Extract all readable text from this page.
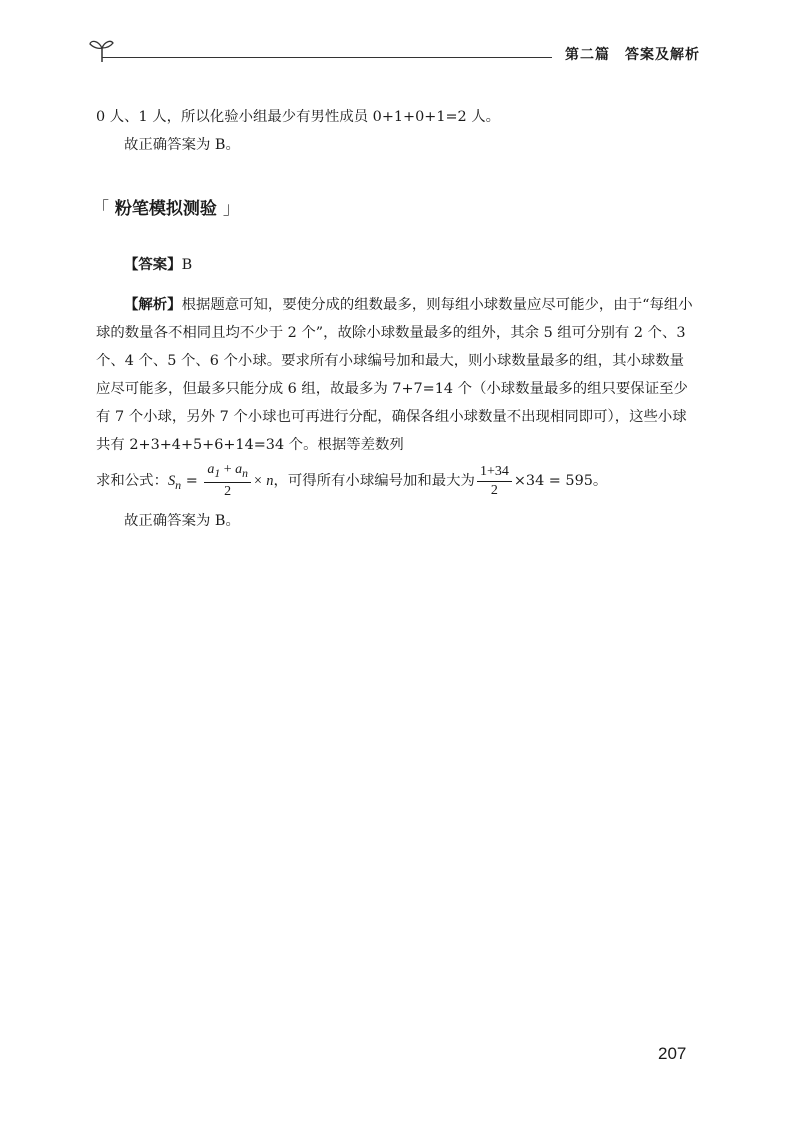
第二篇　答案及解析

0 人、1 人，所以化验小组最少有男性成员 0+1+0+1=2 人。

故正确答案为 B。

「 粉笔模拟测验 」

【答案】B

【解析】根据题意可知，要使分成的组数最多，则每组小球数量应尽可能少，由于“每组小球的数量各不相同且均不少于 2 个”，故除小球数量最多的组外，其余 5 组可分别有 2 个、3 个、4 个、5 个、6 个小球。要求所有小球编号加和最大，则小球数量最多的组，其小球数量应尽可能多，但最多只能分成 6 组，故最多为 7+7=14 个（小球数量最多的组只要保证至少有 7 个小球，另外 7 个小球也可再进行分配，确保各组小球数量不出现相同即可），这些小球共有 2+3+4+5+6+14=34 个。根据等差数列

求和公式：$S_n = \frac{a_1 + a_n}{2} \times n$，可得所有小球编号加和最大为 $\frac{1+34}{2} \times 34 = 595$。

故正确答案为 B。

207
